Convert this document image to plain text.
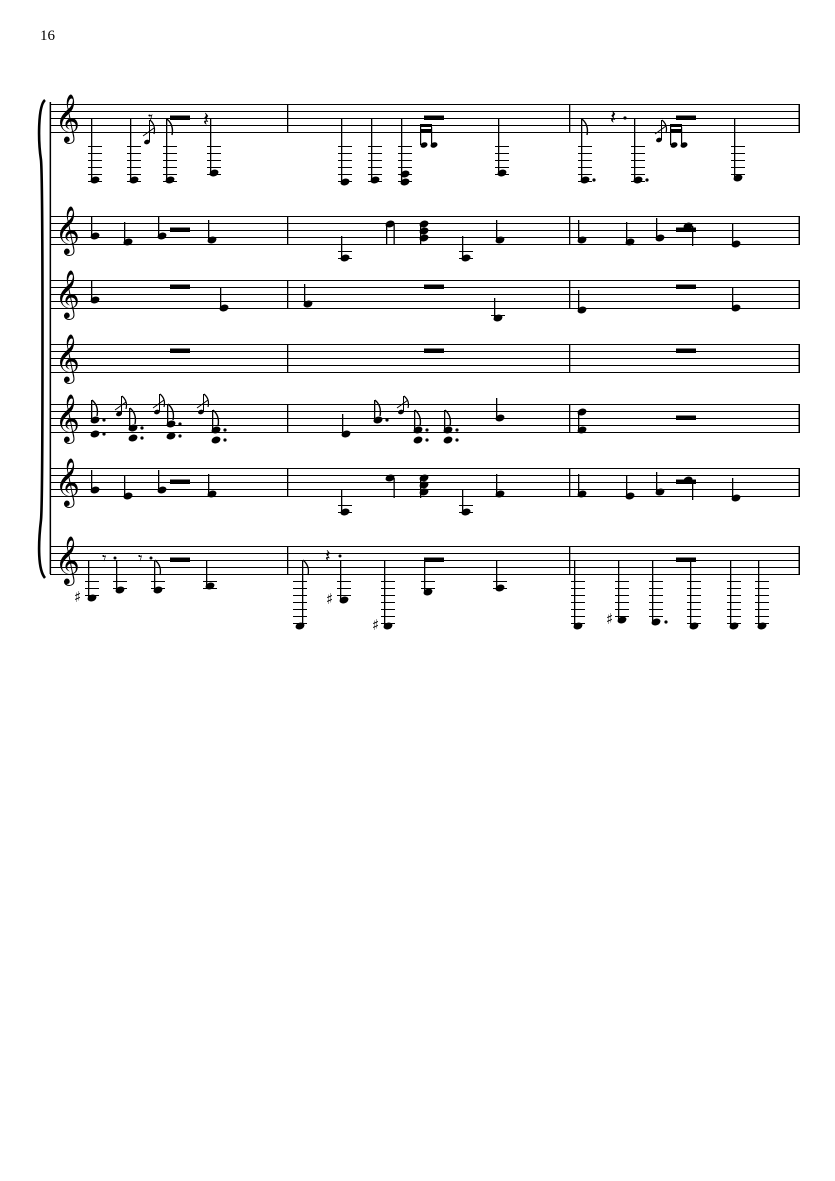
16
𝄞
𝄞
𝄞
𝄞
𝄞
𝄞
𝄞
𝄾 𝄽	𝄽
♯
𝄾 𝄾	𝄽
♯
♯	♯
